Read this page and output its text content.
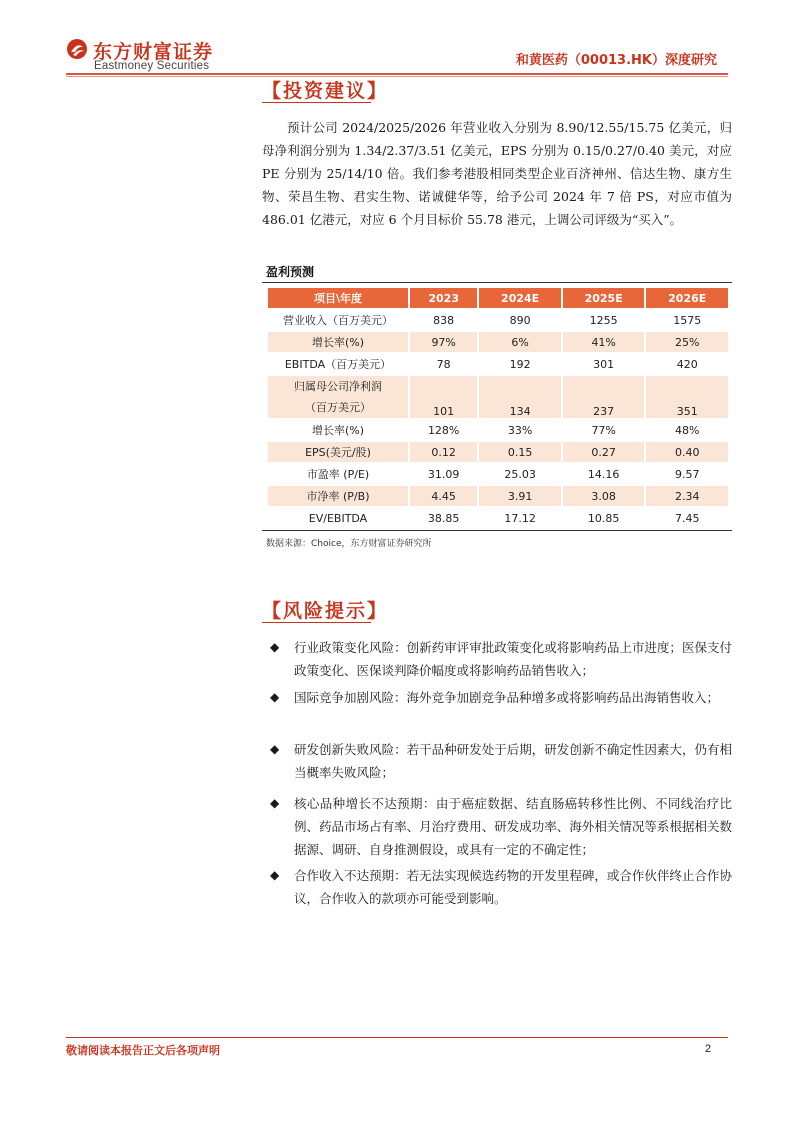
东方财富证券
Eastmoney Securities	和黄医药（00013.HK）深度研究
【投资建议】
预计公司 2024/2025/2026 年营业收入分别为 8.90/12.55/15.75 亿美元，归母净利润分别为 1.34/2.37/3.51 亿美元，EPS 分别为 0.15/0.27/0.40 美元，对应 PE 分别为 25/14/10 倍。我们参考港股相同类型企业百济神州、信达生物、康方生物、荣昌生物、君实生物、诺诚健华等，给予公司 2024 年 7 倍 PS，对应市值为 486.01 亿港元，对应 6 个月目标价 55.78 港元，上调公司评级为“买入”。
盈利预测
项目\年度	2023	2024E	2025E	2026E
营业收入（百万美元）	838	890	1255	1575
增长率(%)	97%	6%	41%	25%
EBITDA（百万美元）	78	192	301	420

归属母公司净利润
（百万美元）	101	134	237	351
增长率(%)	128%	33%	77%	48%
EPS(美元/股)	0.12	0.15	0.27	0.40
市盈率 (P/E)	31.09	25.03	14.16	9.57
市净率 (P/B)	4.45	3.91	3.08	2.34
EV/EBITDA	38.85	17.12	10.85	7.45
数据来源：Choice，东方财富证券研究所
【风险提示】
◆ 行业政策变化风险：创新药审评审批政策变化或将影响药品上市进度；医保支付政策变化、医保谈判降价幅度或将影响药品销售收入；
◆ 国际竞争加剧风险：海外竞争加剧竞争品种增多或将影响药品出海销售收入；
◆ 研发创新失败风险：若干品种研发处于后期，研发创新不确定性因素大，仍有相当概率失败风险；
◆ 核心品种增长不达预期：由于癌症数据、结直肠癌转移性比例、不同线治疗比例、药品市场占有率、月治疗费用、研发成功率、海外相关情况等系根据相关数据源、调研、自身推测假设，或具有一定的不确定性；
◆ 合作收入不达预期：若无法实现候选药物的开发里程碑，或合作伙伴终止合作协议，合作收入的款项亦可能受到影响。
敬请阅读本报告正文后各项声明	2
